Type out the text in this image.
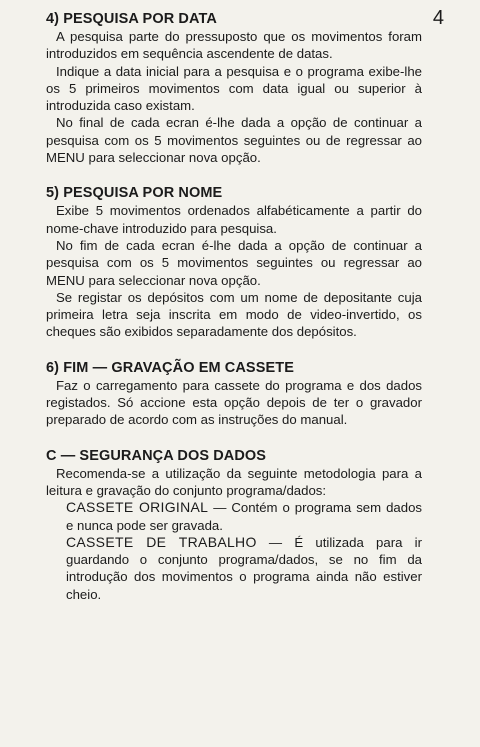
4
4) PESQUISA POR DATA

A pesquisa parte do pressuposto que os movimentos foram introduzidos em sequência ascendente de datas.

Indique a data inicial para a pesquisa e o programa exibe-lhe os 5 primeiros movimentos com data igual ou superior à introduzida caso existam.

No final de cada ecran é-lhe dada a opção de continuar a pesquisa com os 5 movimentos seguintes ou de regressar ao MENU para seleccionar nova opção.

5) PESQUISA POR NOME

Exibe 5 movimentos ordenados alfabéticamente a partir do nome-chave introduzido para pesquisa.

No fim de cada ecran é-lhe dada a opção de continuar a pesquisa com os 5 movimentos seguintes ou regressar ao MENU para seleccionar nova opção.

Se registar os depósitos com um nome de depositante cuja primeira letra seja inscrita em modo de video-invertido, os cheques são exibidos separadamente dos depósitos.

6) FIM — GRAVAÇÃO EM CASSETE

Faz o carregamento para cassete do programa e dos dados registados. Só accione esta opção depois de ter o gravador preparado de acordo com as instruções do manual.

C — SEGURANÇA DOS DADOS

Recomenda-se a utilização da seguinte metodologia para a leitura e gravação do conjunto programa/dados:

CASSETE ORIGINAL — Contém o programa sem dados e nunca pode ser gravada.

CASSETE DE TRABALHO — É utilizada para ir guardando o conjunto programa/dados, se no fim da introdução dos movimentos o programa ainda não estiver cheio.
